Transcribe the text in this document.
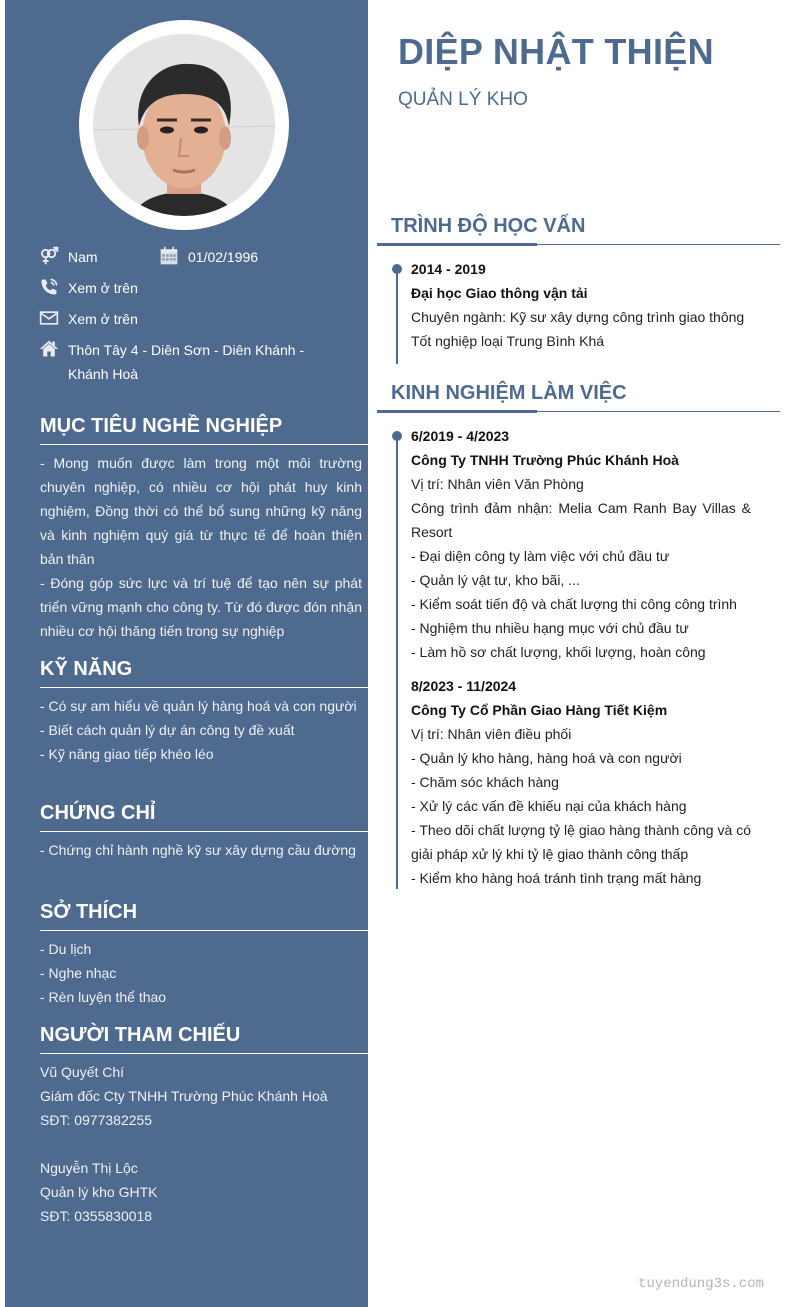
Nam	01/02/1996
Xem ở trên
Xem ở trên
Thôn Tây 4 - Diên Sơn - Diên Khánh - Khánh Hoà
MỤC TIÊU NGHỀ NGHIỆP

- Mong muốn được làm trong một môi trường chuyên nghiệp, có nhiều cơ hội phát huy kinh nghiệm, Đồng thời có thể bổ sung những kỹ năng và kinh nghiệm quý giá từ thực tế để hoàn thiện bản thân

- Đóng góp sức lực và trí tuệ để tạo nên sự phát triển vững mạnh cho công ty. Từ đó được đón nhận nhiều cơ hội thăng tiến trong sự nghiệp

KỸ NĂNG

- Có sự am hiểu về quản lý hàng hoá và con người

- Biết cách quản lý dự án công ty đề xuất

- Kỹ năng giao tiếp khéo léo

CHỨNG CHỈ

- Chứng chỉ hành nghề kỹ sư xây dựng cầu đường

SỞ THÍCH

- Du lịch

- Nghe nhạc

- Rèn luyện thể thao

NGƯỜI THAM CHIẾU

Vũ Quyết Chí

Giám đốc Cty TNHH Trường Phúc Khánh Hoà

SĐT: 0977382255

Nguyễn Thị Lộc

Quản lý kho GHTK

SĐT: 0355830018

DIỆP NHẬT THIỆN
QUẢN LÝ KHO
TRÌNH ĐỘ HỌC VẤN

2014 - 2019

Đại học Giao thông vận tải

Chuyên ngành: Kỹ sư xây dựng công trình giao thông

Tốt nghiệp loại Trung Bình Khá

KINH NGHIỆM LÀM VIỆC

6/2019 - 4/2023

Công Ty TNHH Trường Phúc Khánh Hoà

Vị trí: Nhân viên Văn Phòng

Công trình đảm nhận: Melia Cam Ranh Bay Villas & Resort

- Đại diện công ty làm việc với chủ đầu tư

- Quản lý vật tư, kho bãi, ...

- Kiểm soát tiến độ và chất lượng thi công công trình

- Nghiệm thu nhiều hạng mục với chủ đầu tư

- Làm hồ sơ chất lượng, khối lượng, hoàn công

8/2023 - 11/2024

Công Ty Cổ Phần Giao Hàng Tiết Kiệm

Vị trí: Nhân viên điều phối

- Quản lý kho hàng, hàng hoá và con người

- Chăm sóc khách hàng

- Xử lý các vấn đề khiếu nại của khách hàng

- Theo dõi chất lượng tỷ lệ giao hàng thành công và có giải pháp xử lý khi tỷ lệ giao thành công thấp

- Kiểm kho hàng hoá tránh tình trạng mất hàng

tuyendung3s.com
